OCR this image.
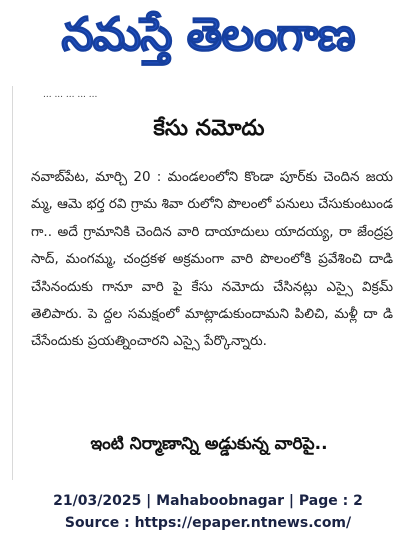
నమస్తే తెలంగాణ
... ... ... ... ...
కేసు నమోదు
నవాబ్‌పేట, మార్చి 20 : మండలంలోని కొండా పూర్‌కు చెందిన జయమ్మ, ఆమె భర్త రవి గ్రామ శివా రులోని పొలంలో పనులు చేసుకుంటుండగా.. అదే గ్రామానికి చెందిన వారి దాయాదులు యాదయ్య, రా జేంద్రప్రసాద్, మంగమ్మ, చంద్రకళ అక్రమంగా వారి పొలంలోకి ప్రవేశించి దాడి చేసినందుకు గానూ వారి పై కేసు నమోదు చేసినట్లు ఎస్సై విక్రమ్ తెలిపారు. పె ద్దల సమక్షంలో మాట్లాడుకుందామని పిలిచి, మళ్లీ దా డి చేసేందుకు ప్రయత్నించారని ఎస్సై పేర్కొన్నారు.
ఇంటి నిర్మాణాన్ని అడ్డుకున్న వారిపై..
21/03/2025 | Mahaboobnagar | Page : 2
Source : https://epaper.ntnews.com/
